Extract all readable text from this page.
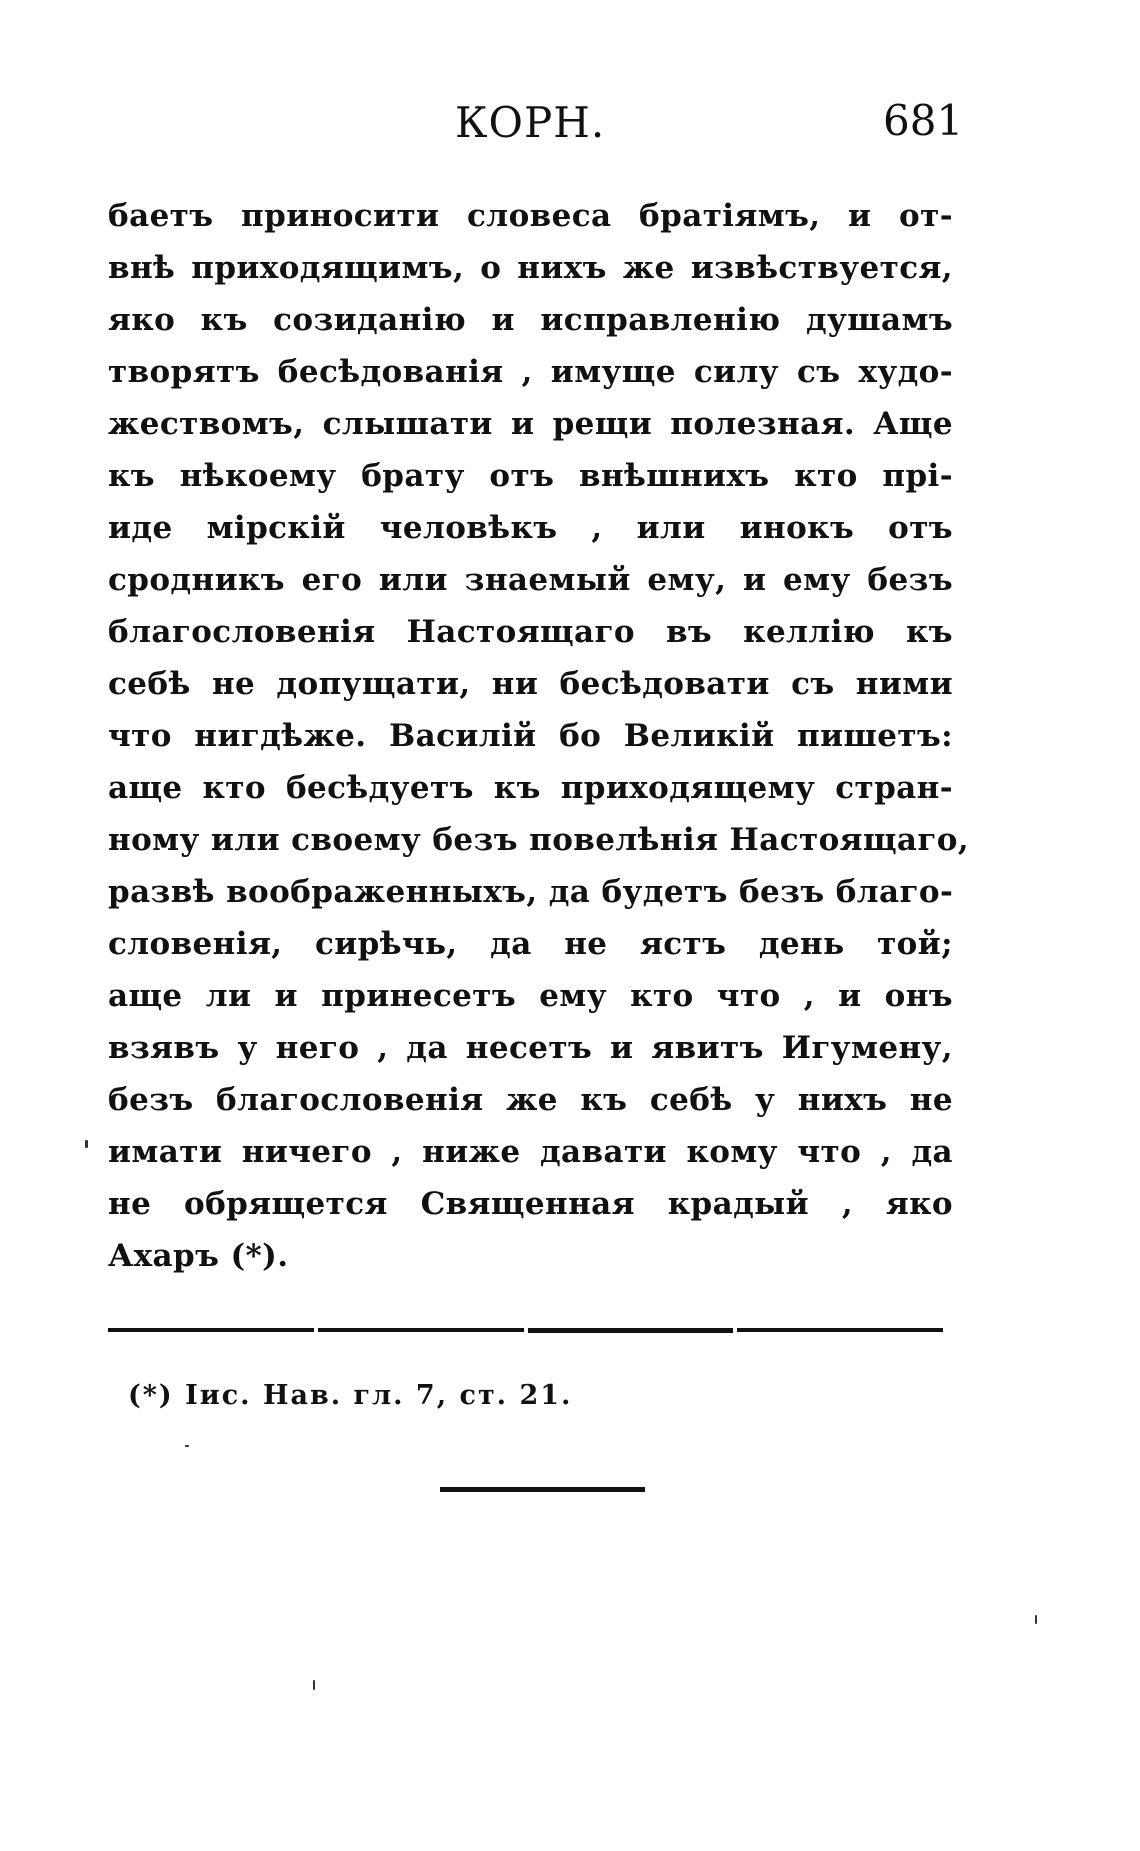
КОРН.	681
баетъ приносити словеса братiямъ, и от-
внѣ приходящимъ, о нихъ же извѣствуется,
яко къ созиданiю и исправленiю душамъ
творятъ бесѣдованiя , имуще силу съ худо-
жествомъ, слышати и рещи полезная. Аще
къ нѣкоему брату отъ внѣшнихъ кто прi-
иде мiрскiй человѣкъ , или инокъ отъ
сродникъ его или знаемый ему, и ему безъ
благословенiя Настоящаго въ келлiю къ
себѣ не допущати, ни бесѣдовати съ ними
что нигдѣже. Василiй бо Великiй пишетъ:
аще кто бесѣдуетъ къ приходящему стран-
ному или своему безъ повелѣнiя Настоящаго,
развѣ воображенныхъ, да будетъ безъ благо-
словенiя, сирѣчь, да не ястъ день той;
аще ли и принесетъ ему кто что , и онъ
взявъ у него , да несетъ и явитъ Игумену,
безъ благословенiя же къ себѣ у нихъ не
имати ничего , ниже давати кому что , да
не обрящется Священная крадый , яко
Ахаръ (*).
(*) Iис. Нав. гл. 7, ст. 21.
